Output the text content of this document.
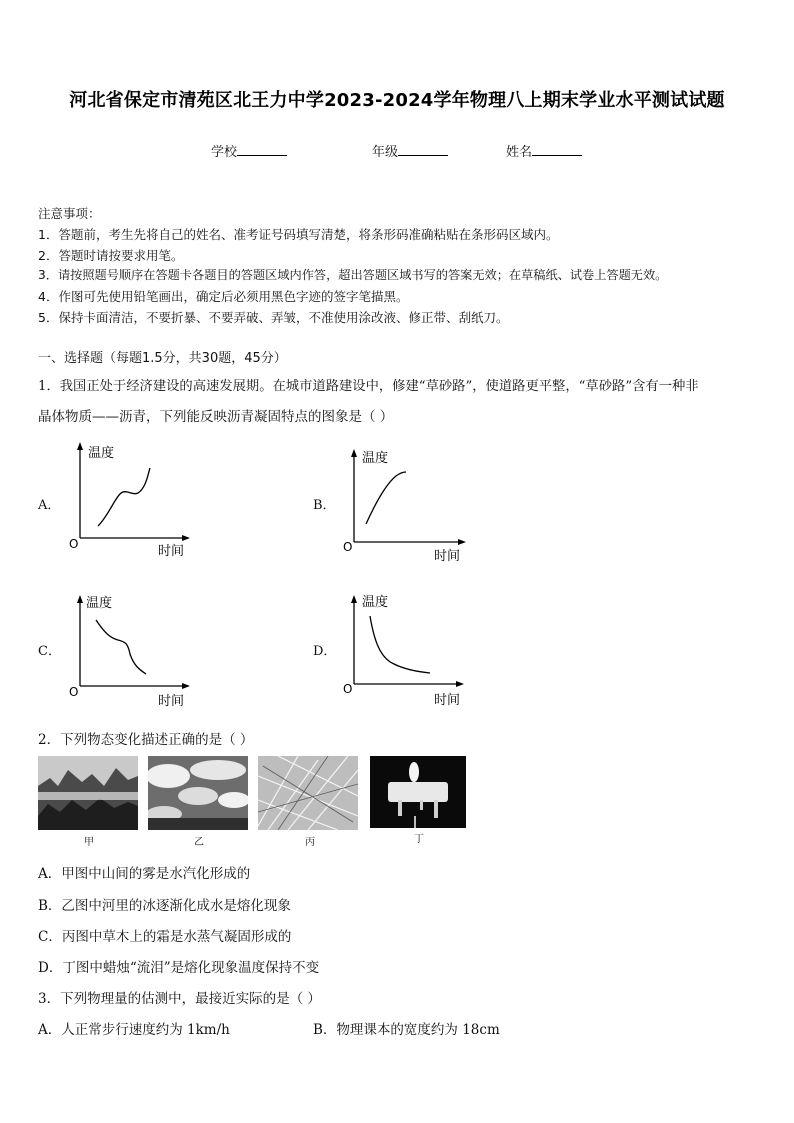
河北省保定市清苑区北王力中学2023-2024学年物理八上期末学业水平测试试题
学校	年级	姓名
注意事项：
1．答题前，考生先将自己的姓名、准考证号码填写清楚，将条形码准确粘贴在条形码区域内。
2．答题时请按要求用笔。
3．请按照题号顺序在答题卡各题目的答题区域内作答，超出答题区域书写的答案无效；在草稿纸、试卷上答题无效。
4．作图可先使用铅笔画出，确定后必须用黑色字迹的签字笔描黑。
5．保持卡面清洁，不要折暴、不要弄破、弄皱，不准使用涂改液、修正带、刮纸刀。
一、选择题（每题1.5分，共30题，45分）
1．我国正处于经济建设的高速发展期。在城市道路建设中，修建“草砂路”，使道路更平整，“草砂路”含有一种非
晶体物质——沥青，下列能反映沥青凝固特点的图象是（ ）
A．
温度
时间
O
B．
温度
时间
O
C．
温度
时间
O
D．
温度
时间
O
2．下列物态变化描述正确的是（ ）
甲	乙	丙	丁
A．甲图中山间的雾是水汽化形成的
B．乙图中河里的冰逐渐化成水是熔化现象
C．丙图中草木上的霜是水蒸气凝固形成的
D．丁图中蜡烛“流泪”是熔化现象温度保持不变
3．下列物理量的估测中，最接近实际的是（ ）
A．人正常步行速度约为 1km/h	B．物理课本的宽度约为 18cm
